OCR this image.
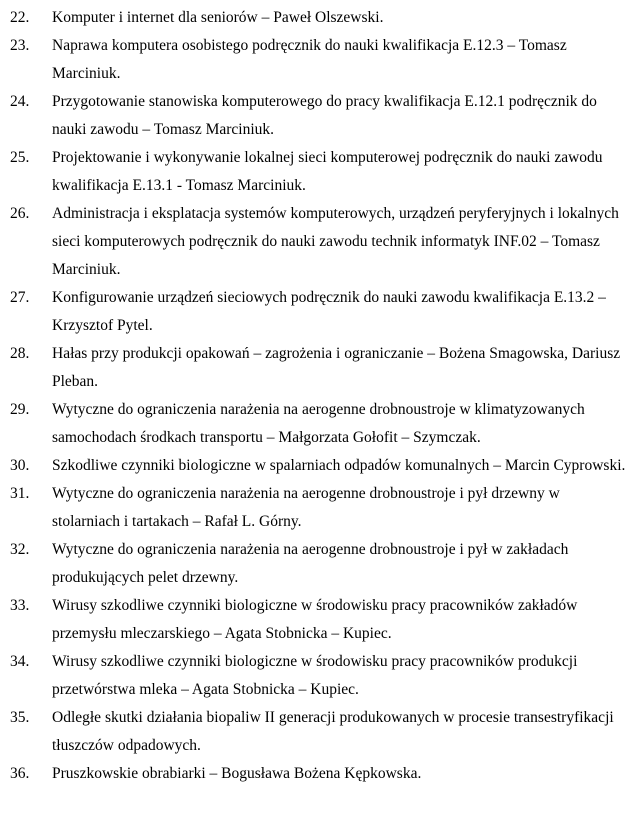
22.	Komputer i internet dla seniorów – Paweł Olszewski.
23.	Naprawa komputera osobistego podręcznik do nauki kwalifikacja E.12.3 – Tomasz Marciniuk.
24.	Przygotowanie stanowiska komputerowego do pracy kwalifikacja E.12.1 podręcznik do nauki zawodu – Tomasz Marciniuk.
25.	Projektowanie i wykonywanie lokalnej sieci komputerowej podręcznik do nauki zawodu kwalifikacja E.13.1 - Tomasz Marciniuk.
26.	Administracja i eksplatacja systemów komputerowych, urządzeń peryferyjnych i lokalnych sieci komputerowych podręcznik do nauki zawodu technik informatyk INF.02 – Tomasz Marciniuk.
27.	Konfigurowanie urządzeń sieciowych podręcznik do nauki zawodu kwalifikacja E.13.2 – Krzysztof Pytel.
28.	Hałas przy produkcji opakowań – zagrożenia i ograniczanie – Bożena Smagowska, Dariusz Pleban.
29.	Wytyczne do ograniczenia narażenia na aerogenne drobnoustroje w klimatyzowanych samochodach środkach transportu – Małgorzata Gołofit – Szymczak.
30.	Szkodliwe czynniki biologiczne w spalarniach odpadów komunalnych – Marcin Cyprowski.
31.	Wytyczne do ograniczenia narażenia na aerogenne drobnoustroje i pył drzewny w stolarniach i tartakach – Rafał L. Górny.
32.	Wytyczne do ograniczenia narażenia na aerogenne drobnoustroje i pył w zakładach produkujących pelet drzewny.
33.	Wirusy szkodliwe czynniki biologiczne w środowisku pracy pracowników zakładów przemysłu mleczarskiego – Agata Stobnicka – Kupiec.
34.	Wirusy szkodliwe czynniki biologiczne w środowisku pracy pracowników produkcji przetwórstwa mleka – Agata Stobnicka – Kupiec.
35.	Odległe skutki działania biopaliw II generacji produkowanych w procesie transestryfikacji tłuszczów odpadowych.
36.	Pruszkowskie obrabiarki – Bogusława Bożena Kępkowska.
